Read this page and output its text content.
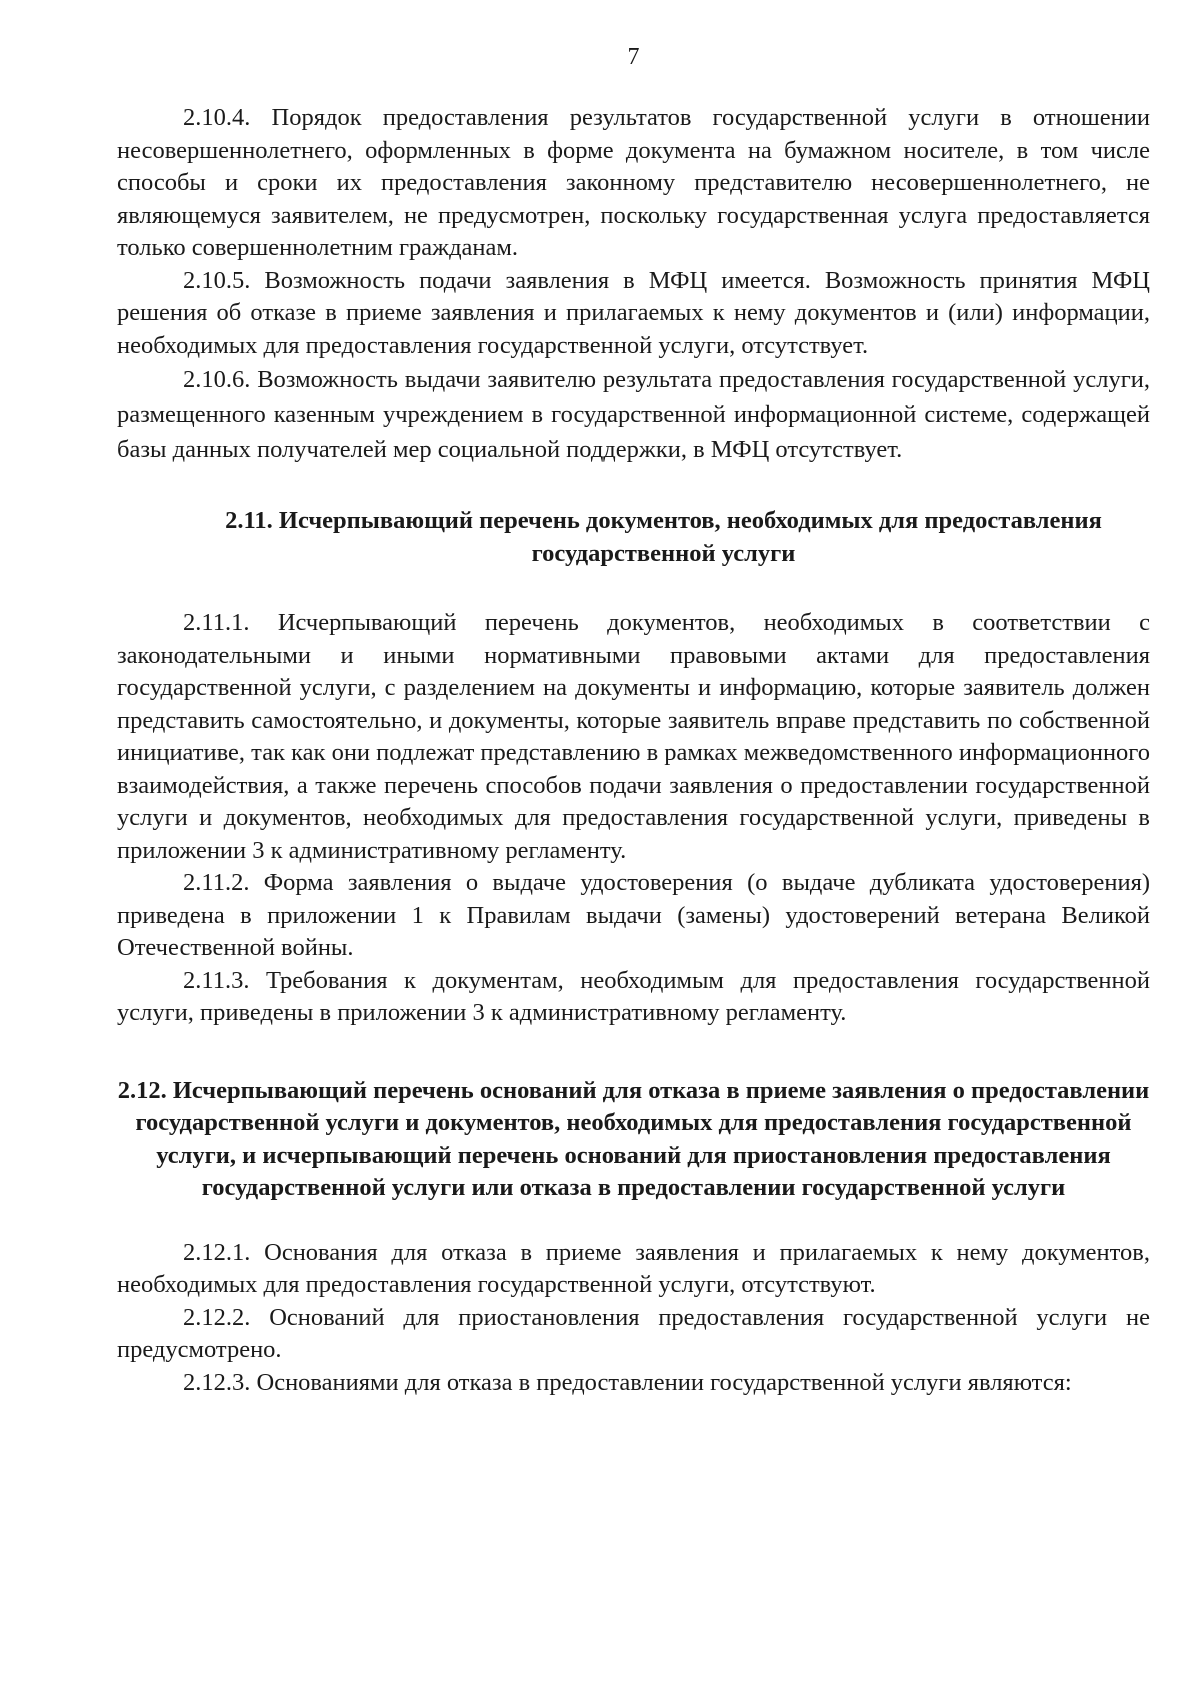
7

2.10.4. Порядок предоставления результатов государственной услуги в отношении несовершеннолетнего, оформленных в форме документа на бумажном носителе, в том числе способы и сроки их предоставления законному представителю несовершеннолетнего, не являющемуся заявителем, не предусмотрен, поскольку государственная услуга предоставляется только совершеннолетним гражданам.

2.10.5. Возможность подачи заявления в МФЦ имеется. Возможность принятия МФЦ решения об отказе в приеме заявления и прилагаемых к нему документов и (или) информации, необходимых для предоставления государственной услуги, отсутствует.

2.10.6. Возможность выдачи заявителю результата предоставления государственной услуги, размещенного казенным учреждением в государственной информационной системе, содержащей базы данных получателей мер социальной поддержки, в МФЦ отсутствует.

2.11. Исчерпывающий перечень документов, необходимых для предоставления государственной услуги

2.11.1. Исчерпывающий перечень документов, необходимых в соответствии с законодательными и иными нормативными правовыми актами для предоставления государственной услуги, с разделением на документы и информацию, которые заявитель должен представить самостоятельно, и документы, которые заявитель вправе представить по собственной инициативе, так как они подлежат представлению в рамках межведомственного информационного взаимодействия, а также перечень способов подачи заявления о предоставлении государственной услуги и документов, необходимых для предоставления государственной услуги, приведены в приложении 3 к административному регламенту.

2.11.2. Форма заявления о выдаче удостоверения (о выдаче дубликата удостоверения) приведена в приложении 1 к Правилам выдачи (замены) удостоверений ветерана Великой Отечественной войны.

2.11.3. Требования к документам, необходимым для предоставления государственной услуги, приведены в приложении 3 к административному регламенту.

2.12. Исчерпывающий перечень оснований для отказа в приеме заявления о предоставлении государственной услуги и документов, необходимых для предоставления государственной услуги, и исчерпывающий перечень оснований для приостановления предоставления государственной услуги или отказа в предоставлении государственной услуги

2.12.1. Основания для отказа в приеме заявления и прилагаемых к нему документов, необходимых для предоставления государственной услуги, отсутствуют.

2.12.2. Оснований для приостановления предоставления государственной услуги не предусмотрено.

2.12.3. Основаниями для отказа в предоставлении государственной услуги являются:
